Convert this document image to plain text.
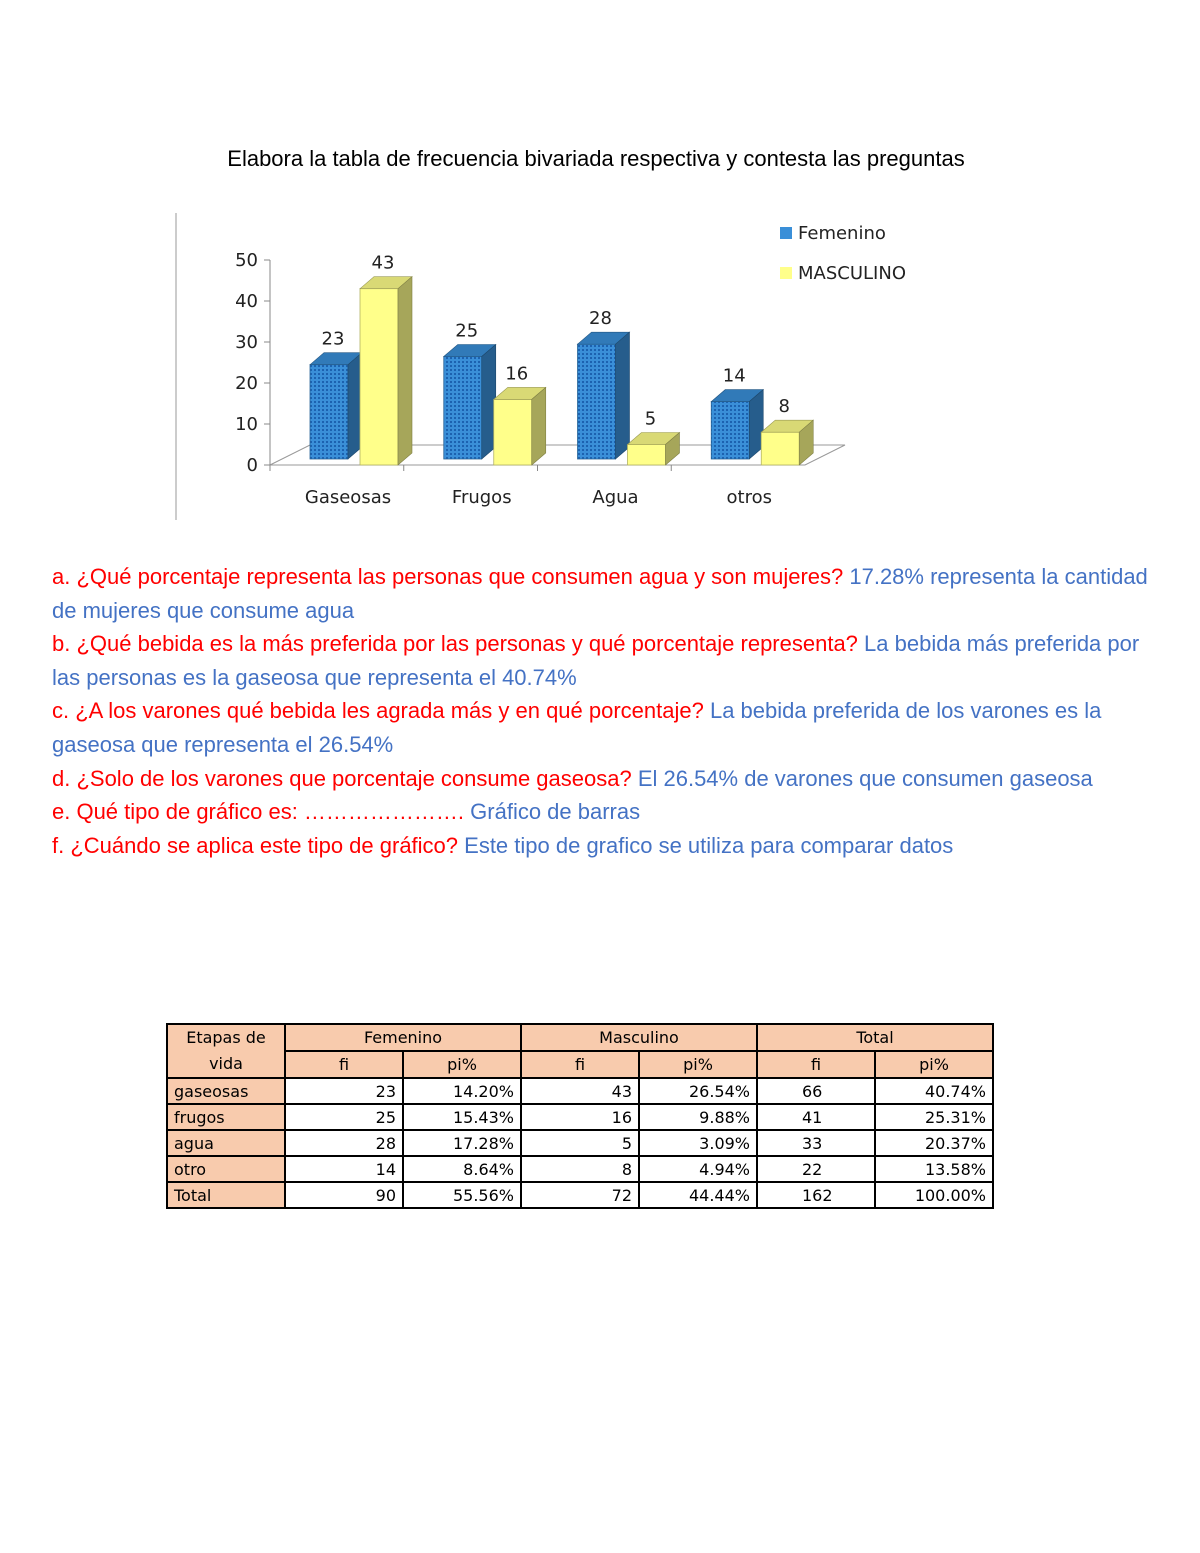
Elabora la tabla de frecuencia bivariada respectiva y contesta las preguntas
0
10
20
30
40
50
Gaseosas	Frugos	Agua	otros
23
43
25
16
28
5
14
8
Femenino
MASCULINO

a. ¿Qué porcentaje representa las personas que consumen agua y son mujeres? 17.28% representa la cantidad de mujeres que consume agua

b. ¿Qué bebida es la más preferida por las personas y qué porcentaje representa? La bebida más preferida por las personas es la gaseosa que representa el 40.74%

c. ¿A los varones qué bebida les agrada más y en qué porcentaje? La bebida preferida de los varones es la gaseosa que representa el 26.54%

d. ¿Solo de los varones que porcentaje consume gaseosa? El 26.54% de varones que consumen gaseosa

e. Qué tipo de gráfico es: …………………. Gráfico de barras

f. ¿Cuándo se aplica este tipo de gráfico? Este tipo de grafico se utiliza para comparar datos

Etapas de vida	Femenino		Masculino		Total	
	fi	pi%	fi	pi%	fi	pi%
gaseosas	23	14.20%	43	26.54%	66	40.74%
frugos	25	15.43%	16	9.88%	41	25.31%
agua	28	17.28%	5	3.09%	33	20.37%
otro	14	8.64%	8	4.94%	22	13.58%
Total	90	55.56%	72	44.44%	162	100.00%
